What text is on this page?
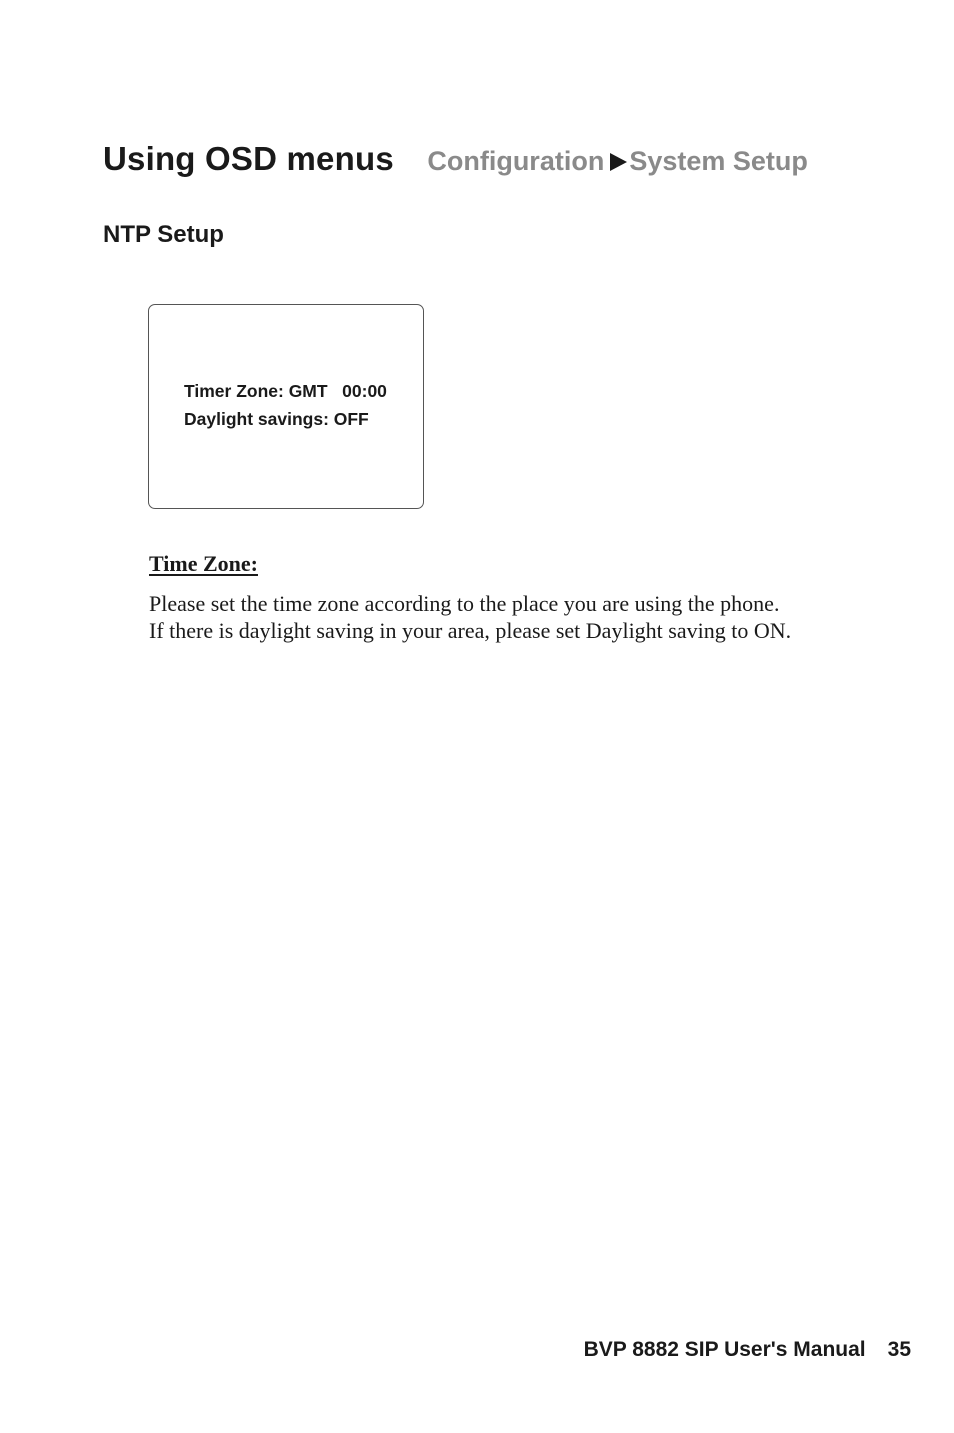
Using OSD menus Configuration System Setup
NTP Setup
Timer Zone: GMT   00:00
Daylight savings: OFF
Time Zone:
Please set the time zone according to the place you are using the phone.
If there is daylight saving in your area, please set Daylight saving to ON.
BVP 8882 SIP User's Manual 35
